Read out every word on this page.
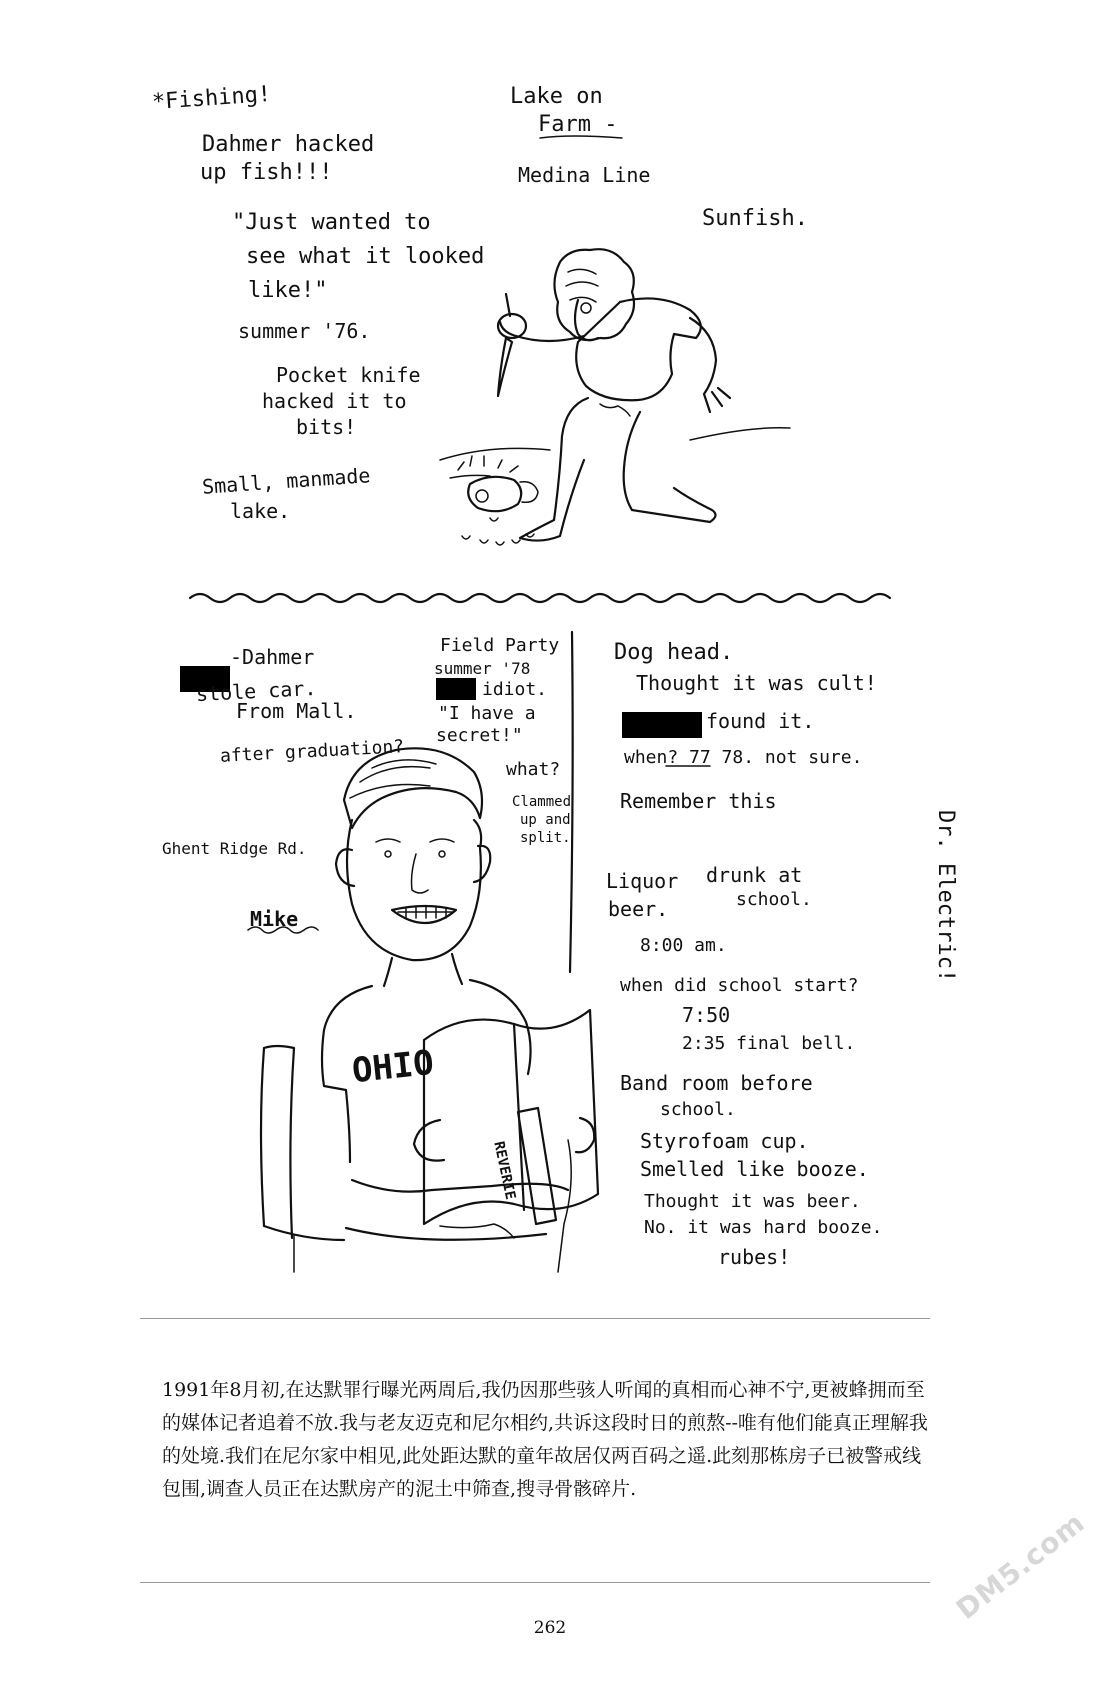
OHIO
REVERIE
*Fishing!
Dahmer hacked
up fish!!!
"Just wanted to
see what it looked
like!"
summer '76.
Pocket knife
hacked it to
bits!
Small, manmade
lake.
Lake on
Farm -
Medina Line
Sunfish.
-Dahmer
stole car.
From Mall.
after graduation?
Ghent Ridge Rd.
Mike
Field Party
summer '78
idiot.
"I have a
secret!"
what?
Clammed
up and
split.
Dog head.
Thought it was cult!
found it.
when? 77 78. not sure.
Remember this
Liquor
beer.
drunk at
school.
8:00 am.
when did school start?
7:50
2:35 final bell.
Band room before
school.
Styrofoam cup.
Smelled like booze.
Thought it was beer.
No. it was hard booze.
rubes!
Dr. Electric!

1991年8月初,在达默罪行曝光两周后,我仍因那些骇人听闻的真相而心神不宁,更被蜂拥而至的媒体记者追着不放.我与老友迈克和尼尔相约,共诉这段时日的煎熬--唯有他们能真正理解我的处境.我们在尼尔家中相见,此处距达默的童年故居仅两百码之遥.此刻那栋房子已被警戒线包围,调查人员正在达默房产的泥土中筛查,搜寻骨骸碎片.

262
DM5.com
